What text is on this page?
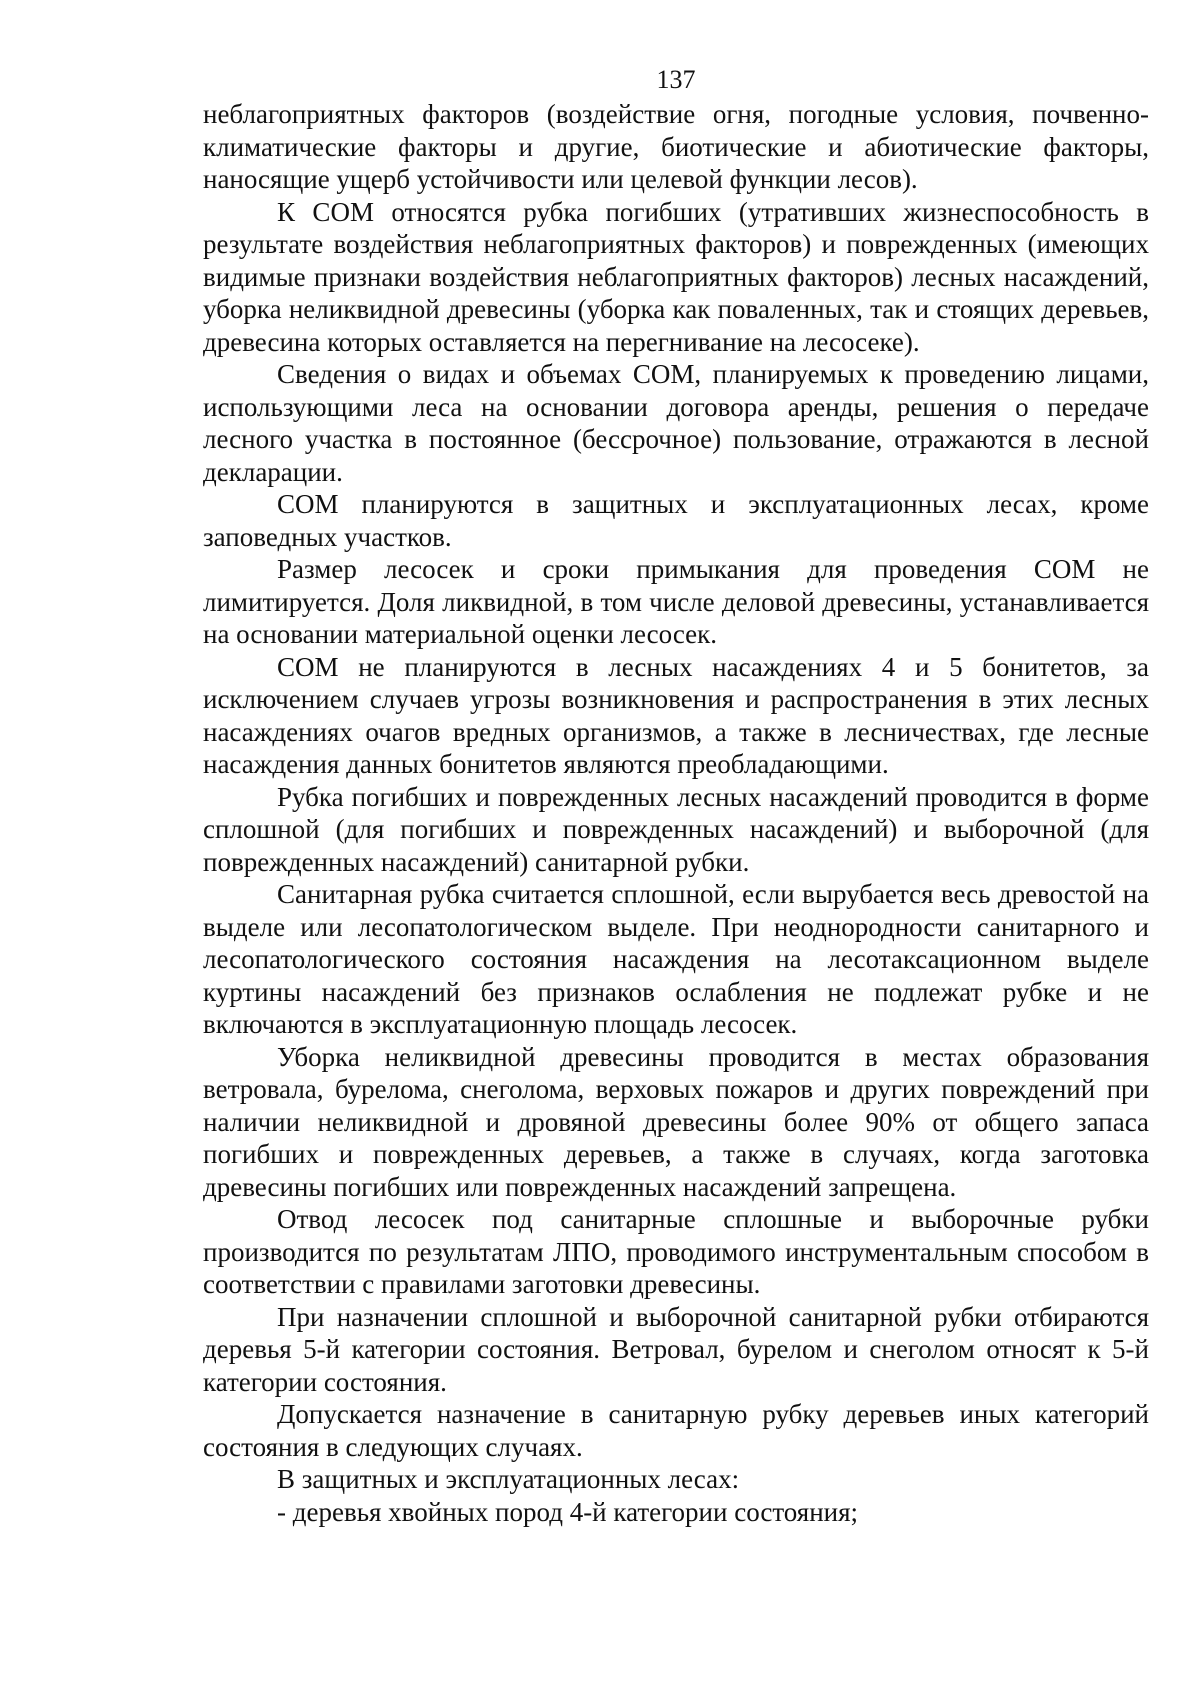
137

неблагоприятных факторов (воздействие огня, погодные условия, почвенно-климатические факторы и другие, биотические и абиотические факторы, наносящие ущерб устойчивости или целевой функции лесов).

К СОМ относятся рубка погибших (утративших жизнеспособность в результате воздействия неблагоприятных факторов) и поврежденных (имеющих видимые признаки воздействия неблагоприятных факторов) лесных насаждений, уборка неликвидной древесины (уборка как поваленных, так и стоящих деревьев, древесина которых оставляется на перегнивание на лесосеке).

Сведения о видах и объемах СОМ, планируемых к проведению лицами, использующими леса на основании договора аренды, решения о передаче лесного участка в постоянное (бессрочное) пользование, отражаются в лесной декларации.

СОМ планируются в защитных и эксплуатационных лесах, кроме заповедных участков.

Размер лесосек и сроки примыкания для проведения СОМ не лимитируется. Доля ликвидной, в том числе деловой древесины, устанавливается на основании материальной оценки лесосек.

СОМ не планируются в лесных насаждениях 4 и 5 бонитетов, за исключением случаев угрозы возникновения и распространения в этих лесных насаждениях очагов вредных организмов, а также в лесничествах, где лесные насаждения данных бонитетов являются преобладающими.

Рубка погибших и поврежденных лесных насаждений проводится в форме сплошной (для погибших и поврежденных насаждений) и выборочной (для поврежденных насаждений) санитарной рубки.

Санитарная рубка считается сплошной, если вырубается весь древостой на выделе или лесопатологическом выделе. При неоднородности санитарного и лесопатологического состояния насаждения на лесотаксационном выделе куртины насаждений без признаков ослабления не подлежат рубке и не включаются в эксплуатационную площадь лесосек.

Уборка неликвидной древесины проводится в местах образования ветровала, бурелома, снеголома, верховых пожаров и других повреждений при наличии неликвидной и дровяной древесины более 90% от общего запаса погибших и поврежденных деревьев, а также в случаях, когда заготовка древесины погибших или поврежденных насаждений запрещена.

Отвод лесосек под санитарные сплошные и выборочные рубки производится по результатам ЛПО, проводимого инструментальным способом в соответствии с правилами заготовки древесины.

При назначении сплошной и выборочной санитарной рубки отбираются деревья 5-й категории состояния. Ветровал, бурелом и снеголом относят к 5-й категории состояния.

Допускается назначение в санитарную рубку деревьев иных категорий состояния в следующих случаях.

В защитных и эксплуатационных лесах:

- деревья хвойных пород 4-й категории состояния;
